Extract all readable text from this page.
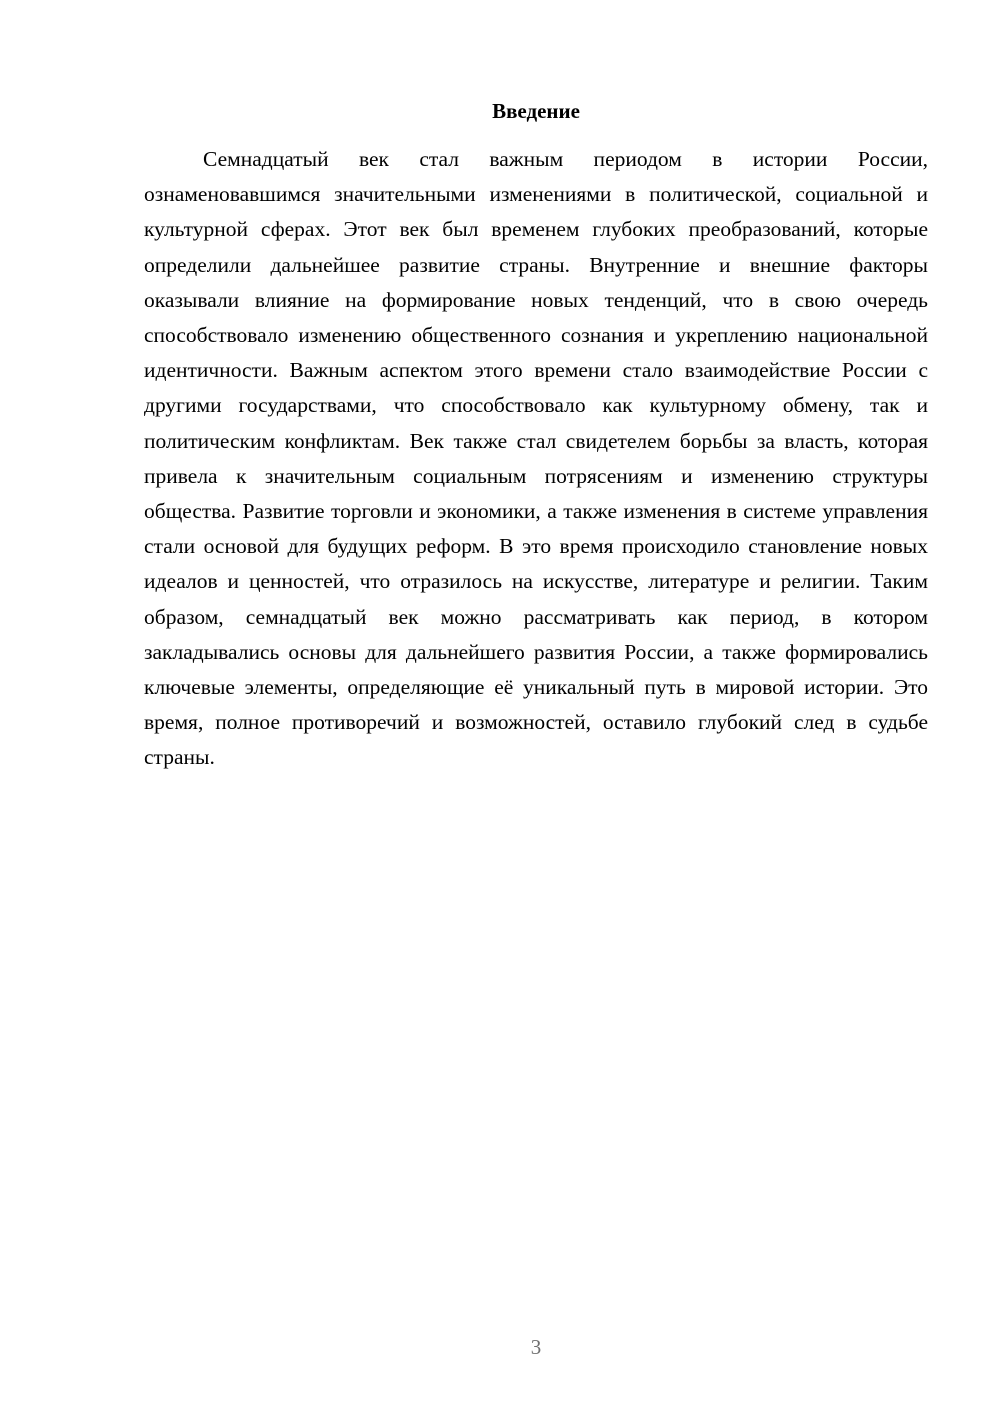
Введение

Семнадцатый век стал важным периодом в истории России, ознаменовавшимся значительными изменениями в политической, социальной и культурной сферах. Этот век был временем глубоких преобразований, которые определили дальнейшее развитие страны. Внутренние и внешние факторы оказывали влияние на формирование новых тенденций, что в свою очередь способствовало изменению общественного сознания и укреплению национальной идентичности. Важным аспектом этого времени стало взаимодействие России с другими государствами, что способствовало как культурному обмену, так и политическим конфликтам. Век также стал свидетелем борьбы за власть, которая привела к значительным социальным потрясениям и изменению структуры общества. Развитие торговли и экономики, а также изменения в системе управления стали основой для будущих реформ. В это время происходило становление новых идеалов и ценностей, что отразилось на искусстве, литературе и религии. Таким образом, семнадцатый век можно рассматривать как период, в котором закладывались основы для дальнейшего развития России, а также формировались ключевые элементы, определяющие её уникальный путь в мировой истории. Это время, полное противоречий и возможностей, оставило глубокий след в судьбе страны.

3
